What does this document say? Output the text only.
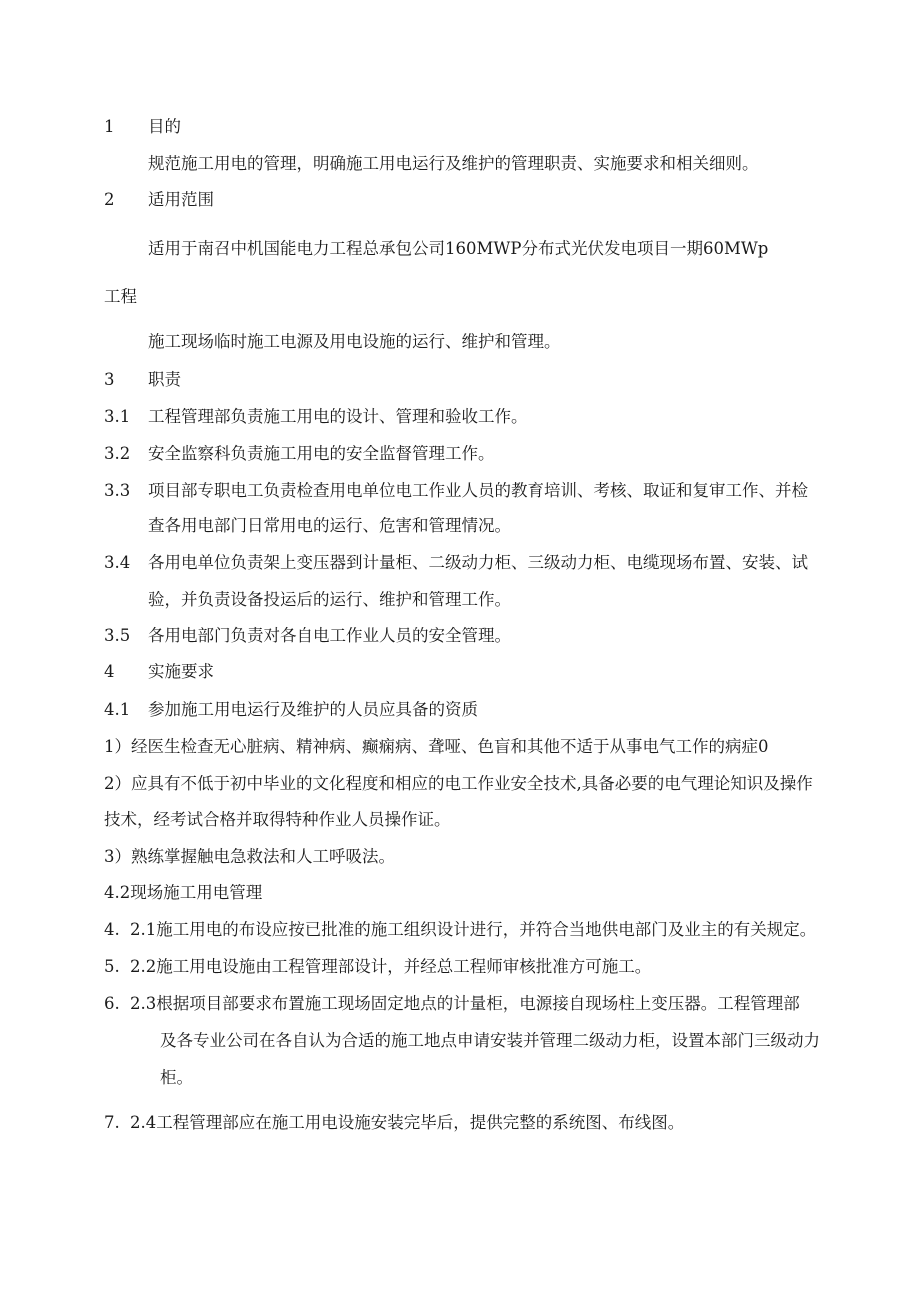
1 目的
规范施工用电的管理，明确施工用电运行及维护的管理职责、实施要求和相关细则。
2 适用范围
适用于南召中机国能电力工程总承包公司160MWP分布式光伏发电项目一期60MWp
工程
施工现场临时施工电源及用电设施的运行、维护和管理。
3 职责
3.1 工程管理部负责施工用电的设计、管理和验收工作。
3.2 安全监察科负责施工用电的安全监督管理工作。
3.3 项目部专职电工负责检查用电单位电工作业人员的教育培训、考核、取证和复审工作、并检
查各用电部门日常用电的运行、危害和管理情况。
3.4 各用电单位负责架上变压器到计量柜、二级动力柜、三级动力柜、电缆现场布置、安装、试
验，并负责设备投运后的运行、维护和管理工作。
3.5 各用电部门负责对各自电工作业人员的安全管理。
4 实施要求
4.1 参加施工用电运行及维护的人员应具备的资质
1）经医生检查无心脏病、精神病、癫痫病、聋哑、色盲和其他不适于从事电气工作的病症0
2）应具有不低于初中毕业的文化程度和相应的电工作业安全技术,具备必要的电气理论知识及操作
技术，经考试合格并取得特种作业人员操作证。
3）熟练掌握触电急救法和人工呼吸法。
4.2现场施工用电管理
4. 2.1施工用电的布设应按已批准的施工组织设计进行，并符合当地供电部门及业主的有关规定。
5. 2.2施工用电设施由工程管理部设计，并经总工程师审核批准方可施工。
6. 2.3根据项目部要求布置施工现场固定地点的计量柜，电源接自现场柱上变压器。工程管理部
及各专业公司在各自认为合适的施工地点申请安装并管理二级动力柜，设置本部门三级动力
柜。
7. 2.4工程管理部应在施工用电设施安装完毕后，提供完整的系统图、布线图。
